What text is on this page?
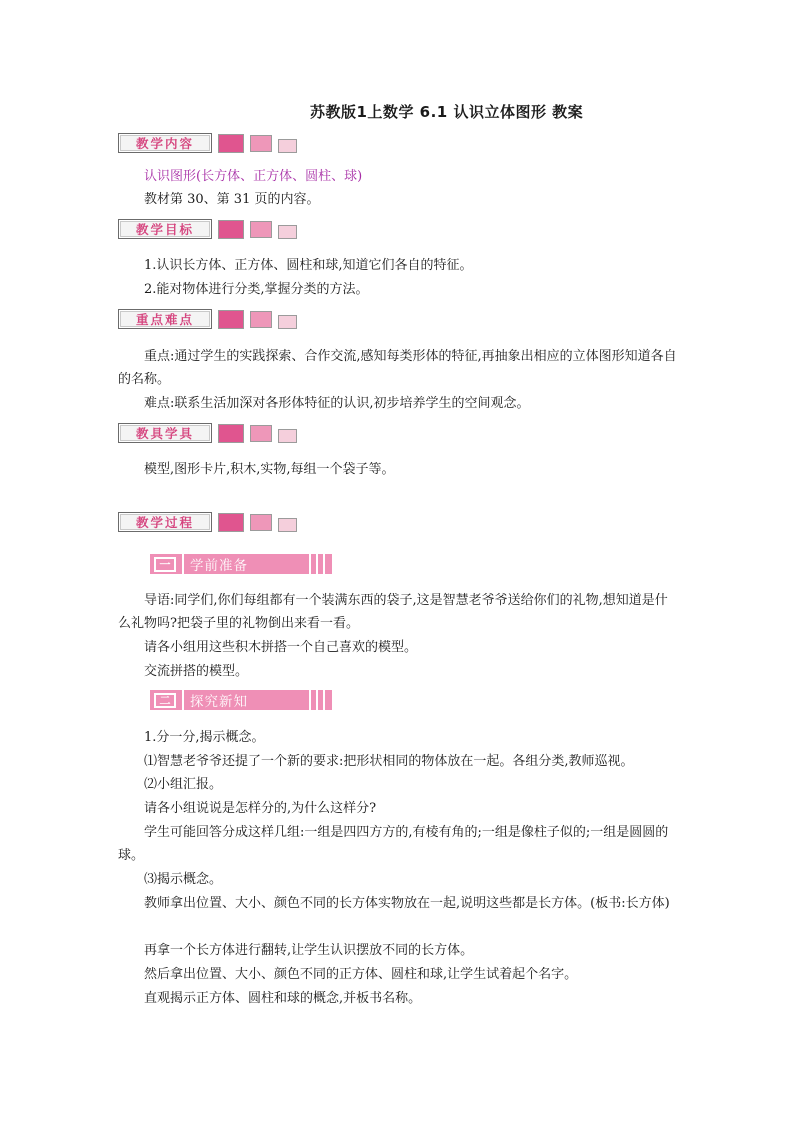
苏教版1上数学 6.1 认识立体图形 教案
教学内容

认识图形(长方体、正方体、圆柱、球)

教材第 30、第 31 页的内容。

教学目标

1.认识长方体、正方体、圆柱和球,知道它们各自的特征。

2.能对物体进行分类,掌握分类的方法。

重点难点

重点:通过学生的实践探索、合作交流,感知每类形体的特征,再抽象出相应的立体图形知道各自的名称。

难点:联系生活加深对各形体特征的认识,初步培养学生的空间观念。

教具学具

模型,图形卡片,积木,实物,每组一个袋子等。

教学过程
一	学前准备

导语:同学们,你们每组都有一个装满东西的袋子,这是智慧老爷爷送给你们的礼物,想知道是什么礼物吗?把袋子里的礼物倒出来看一看。

请各小组用这些积木拼搭一个自己喜欢的模型。

交流拼搭的模型。

二	探究新知

1.分一分,揭示概念。

⑴智慧老爷爷还提了一个新的要求:把形状相同的物体放在一起。各组分类,教师巡视。

⑵小组汇报。

请各小组说说是怎样分的,为什么这样分?

学生可能回答分成这样几组:一组是四四方方的,有棱有角的;一组是像柱子似的;一组是圆圆的球。

⑶揭示概念。

教师拿出位置、大小、颜色不同的长方体实物放在一起,说明这些都是长方体。(板书:长方体)

再拿一个长方体进行翻转,让学生认识摆放不同的长方体。

然后拿出位置、大小、颜色不同的正方体、圆柱和球,让学生试着起个名字。

直观揭示正方体、圆柱和球的概念,并板书名称。
